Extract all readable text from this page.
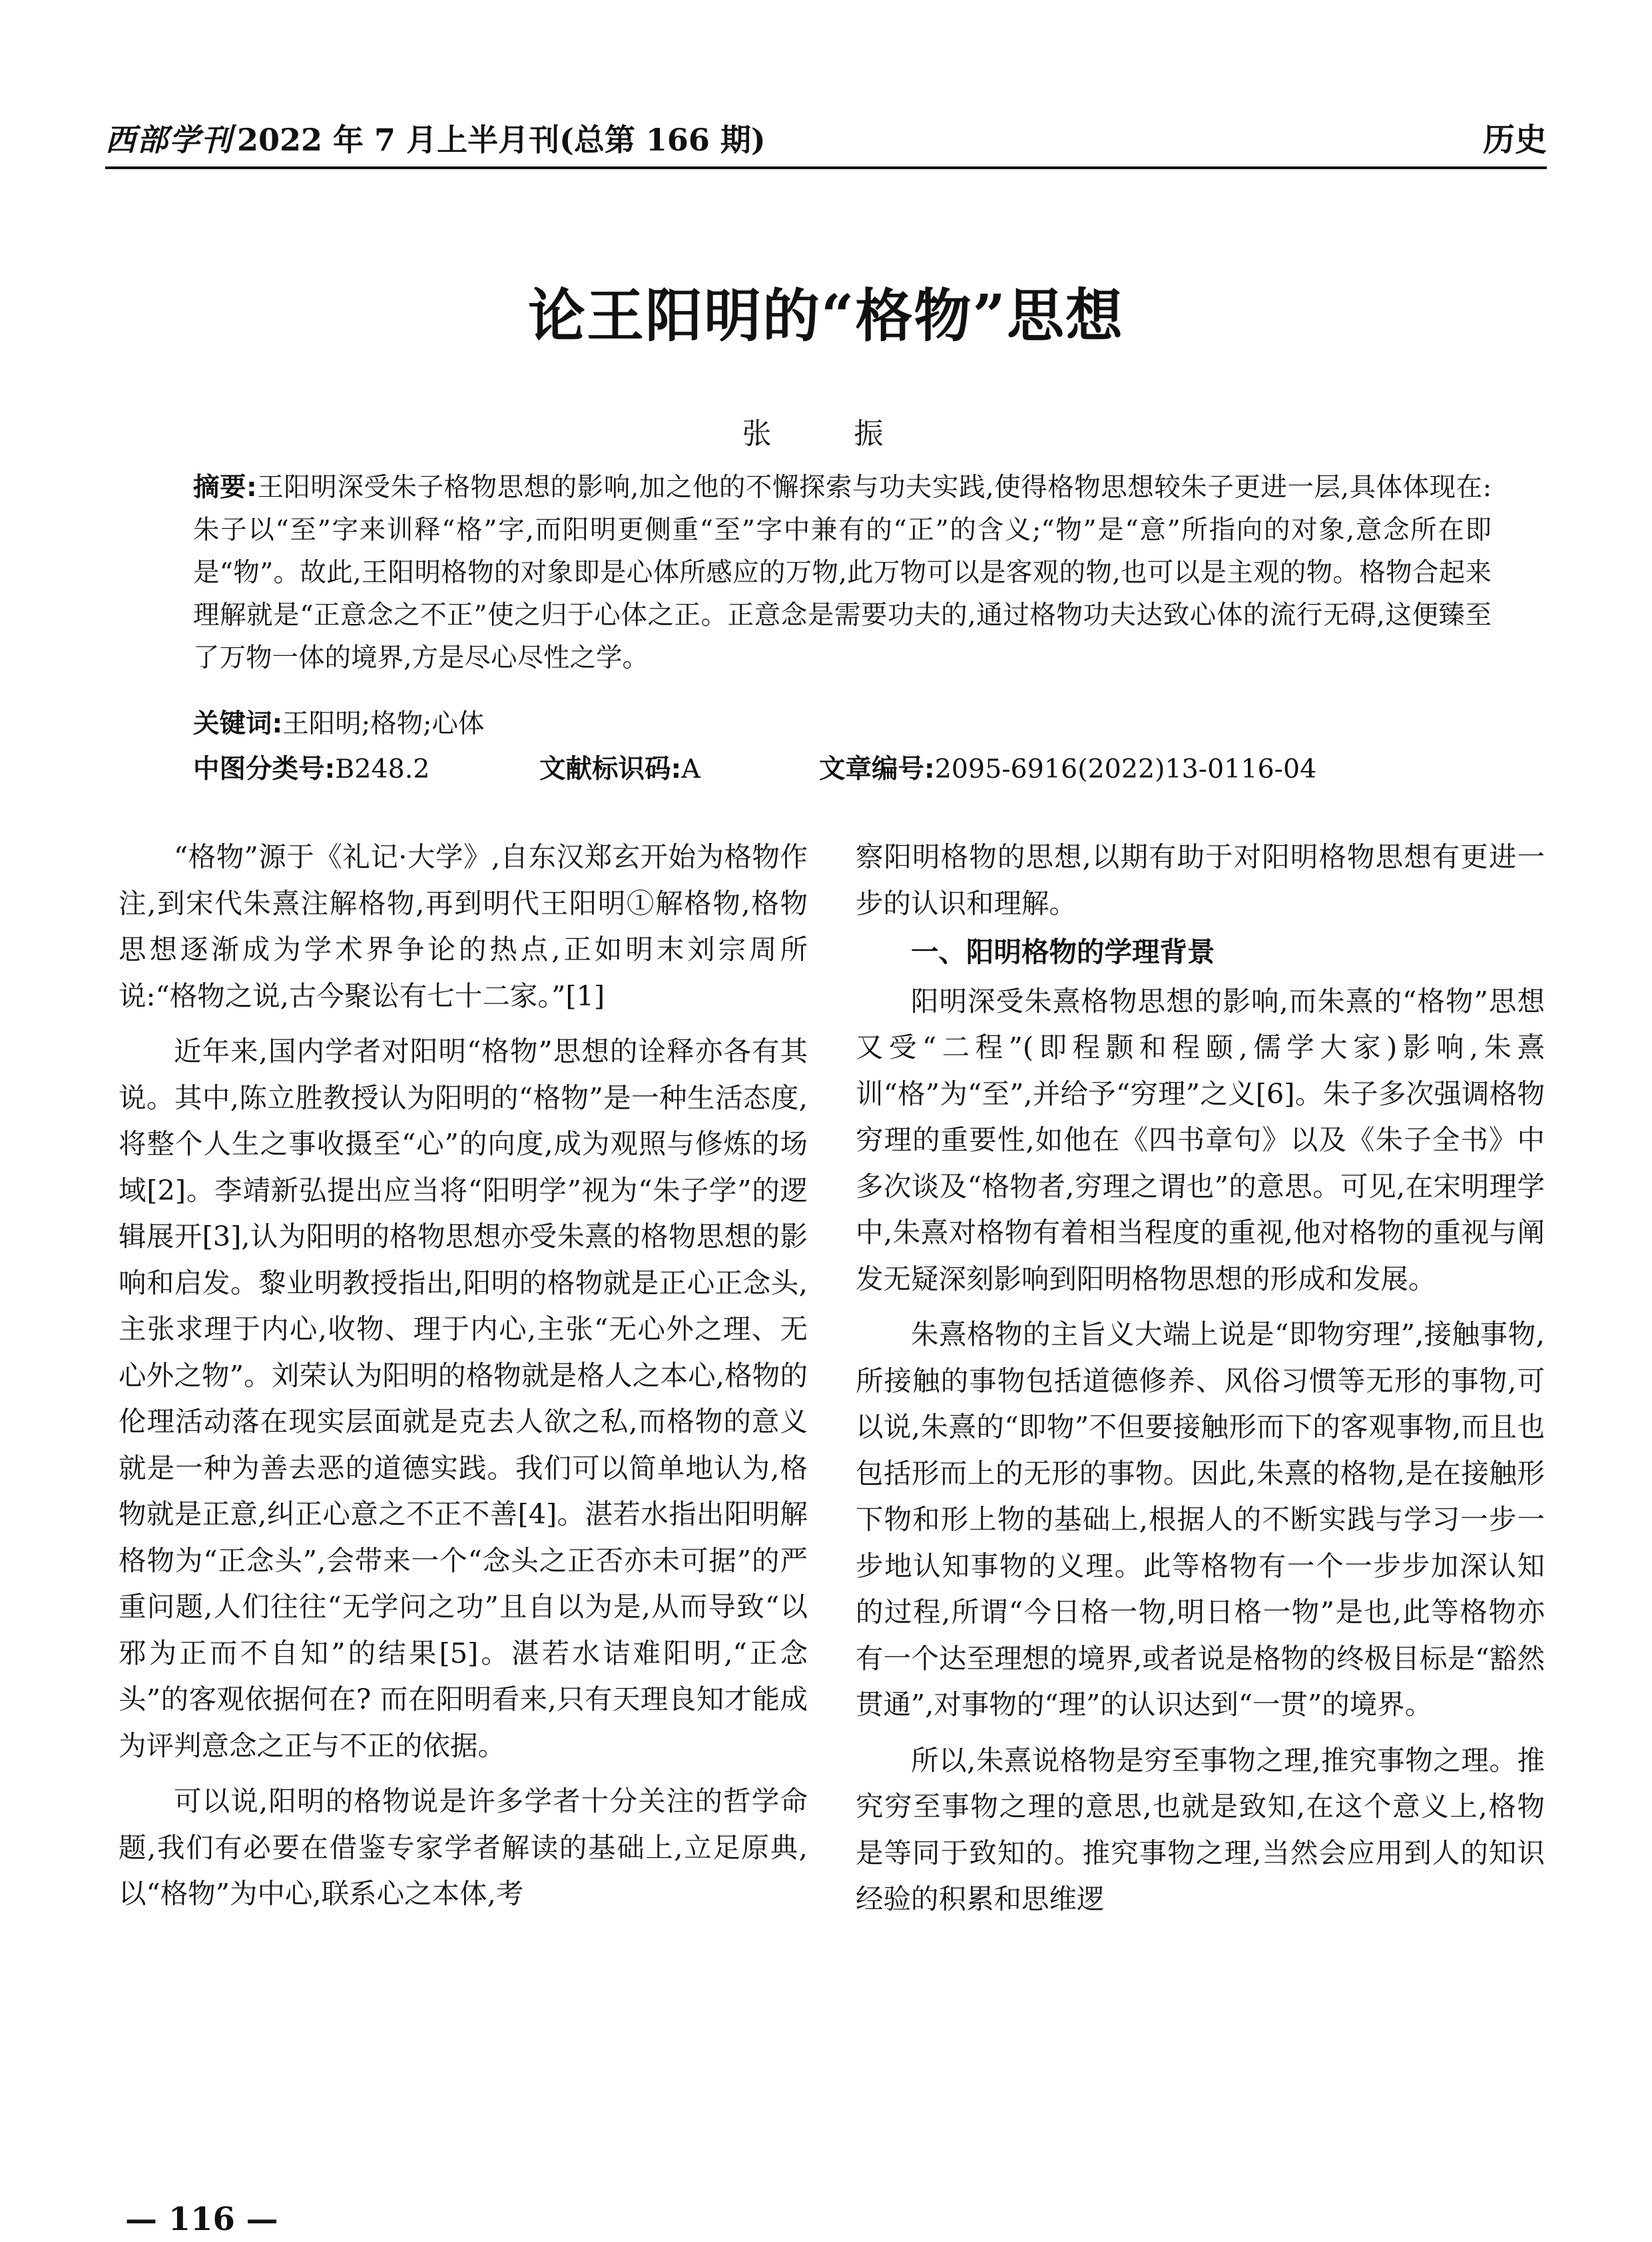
西部学刊 2022 年 7 月上半月刊(总第 166 期)	历史
论王阳明的“格物”思想
张　振
摘要:王阳明深受朱子格物思想的影响,加之他的不懈探索与功夫实践,使得格物思想较朱子更进一层,具体体现在:朱子以“至”字来训释“格”字,而阳明更侧重“至”字中兼有的“正”的含义;“物”是“意”所指向的对象,意念所在即是“物”。故此,王阳明格物的对象即是心体所感应的万物,此万物可以是客观的物,也可以是主观的物。格物合起来理解就是“正意念之不正”使之归于心体之正。正意念是需要功夫的,通过格物功夫达致心体的流行无碍,这便臻至了万物一体的境界,方是尽心尽性之学。
关键词:王阳明;格物;心体
中图分类号:B248.2	文献标识码:A	文章编号:2095-6916(2022)13-0116-04

“格物”源于《礼记·大学》,自东汉郑玄开始为格物作注,到宋代朱熹注解格物,再到明代王阳明①解格物,格物思想逐渐成为学术界争论的热点,正如明末刘宗周所说:“格物之说,古今聚讼有七十二家。”[1]

近年来,国内学者对阳明“格物”思想的诠释亦各有其说。其中,陈立胜教授认为阳明的“格物”是一种生活态度,将整个人生之事收摄至“心”的向度,成为观照与修炼的场域[2]。李靖新弘提出应当将“阳明学”视为“朱子学”的逻辑展开[3],认为阳明的格物思想亦受朱熹的格物思想的影响和启发。黎业明教授指出,阳明的格物就是正心正念头,主张求理于内心,收物、理于内心,主张“无心外之理、无心外之物”。刘荣认为阳明的格物就是格人之本心,格物的伦理活动落在现实层面就是克去人欲之私,而格物的意义就是一种为善去恶的道德实践。我们可以简单地认为,格物就是正意,纠正心意之不正不善[4]。湛若水指出阳明解格物为“正念头”,会带来一个“念头之正否亦未可据”的严重问题,人们往往“无学问之功”且自以为是,从而导致“以邪为正而不自知”的结果[5]。湛若水诘难阳明,“正念头”的客观依据何在? 而在阳明看来,只有天理良知才能成为评判意念之正与不正的依据。

可以说,阳明的格物说是许多学者十分关注的哲学命题,我们有必要在借鉴专家学者解读的基础上,立足原典,以“格物”为中心,联系心之本体,考

察阳明格物的思想,以期有助于对阳明格物思想有更进一步的认识和理解。

一、阳明格物的学理背景

阳明深受朱熹格物思想的影响,而朱熹的“格物”思想又受“二程”(即程颢和程颐,儒学大家)影响,朱熹训“格”为“至”,并给予“穷理”之义[6]。朱子多次强调格物穷理的重要性,如他在《四书章句》以及《朱子全书》中多次谈及“格物者,穷理之谓也”的意思。可见,在宋明理学中,朱熹对格物有着相当程度的重视,他对格物的重视与阐发无疑深刻影响到阳明格物思想的形成和发展。

朱熹格物的主旨义大端上说是“即物穷理”,接触事物,所接触的事物包括道德修养、风俗习惯等无形的事物,可以说,朱熹的“即物”不但要接触形而下的客观事物,而且也包括形而上的无形的事物。因此,朱熹的格物,是在接触形下物和形上物的基础上,根据人的不断实践与学习一步一步地认知事物的义理。此等格物有一个一步步加深认知的过程,所谓“今日格一物,明日格一物”是也,此等格物亦有一个达至理想的境界,或者说是格物的终极目标是“豁然贯通”,对事物的“理”的认识达到“一贯”的境界。

所以,朱熹说格物是穷至事物之理,推究事物之理。推究穷至事物之理的意思,也就是致知,在这个意义上,格物是等同于致知的。推究事物之理,当然会应用到人的知识经验的积累和思维逻

— 116 —
